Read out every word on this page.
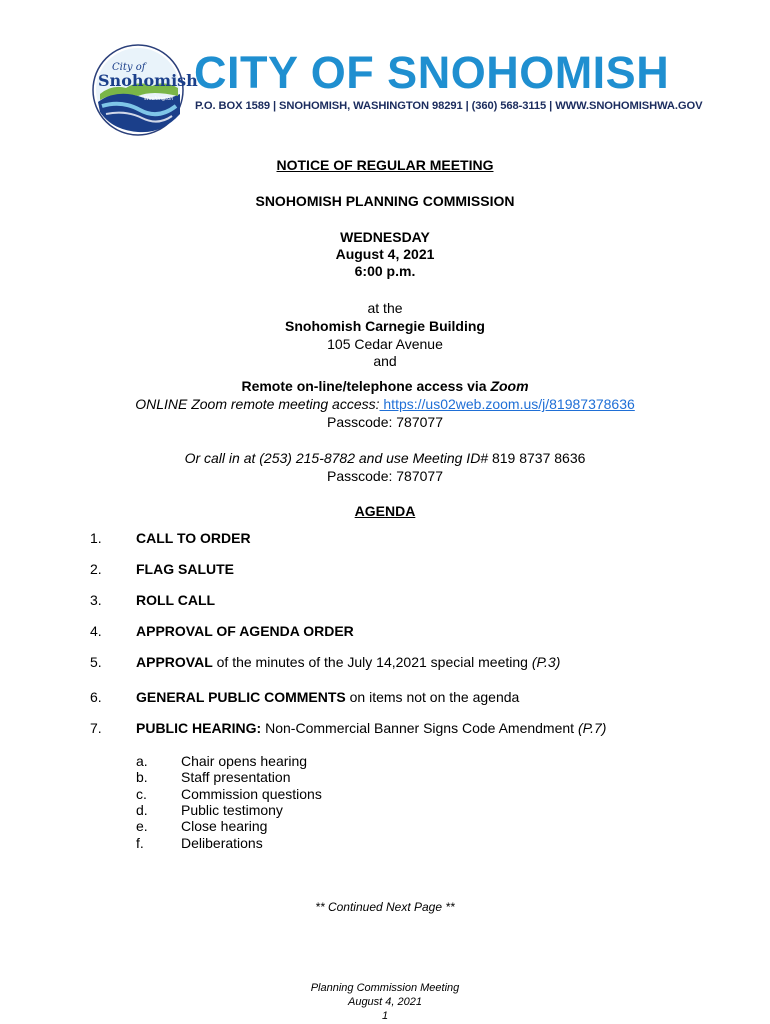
City of
Snohomish
Washington
CITY OF SNOHOMISH
P.O. BOX 1589 | SNOHOMISH, WASHINGTON 98291 | (360) 568-3115 | WWW.SNOHOMISHWA.GOV
NOTICE OF REGULAR MEETING
SNOHOMISH PLANNING COMMISSION
WEDNESDAY
August 4, 2021
6:00 p.m.
at the
Snohomish Carnegie Building
105 Cedar Avenue
and
Remote on-line/telephone access via Zoom
ONLINE Zoom remote meeting access: https://us02web.zoom.us/j/81987378636
Passcode: 787077
Or call in at (253) 215-8782 and use Meeting ID# 819 8737 8636
Passcode: 787077
AGENDA
1. CALL TO ORDER
2. FLAG SALUTE
3. ROLL CALL
4. APPROVAL OF AGENDA ORDER
5. APPROVAL of the minutes of the July 14,2021 special meeting (P.3)
6. GENERAL PUBLIC COMMENTS on items not on the agenda
7. PUBLIC HEARING: Non-Commercial Banner Signs Code Amendment (P.7)
a. Chair opens hearing
b. Staff presentation
c. Commission questions
d. Public testimony
e. Close hearing
f.	Deliberations
** Continued Next Page **
Planning Commission Meeting
August 4, 2021
1
